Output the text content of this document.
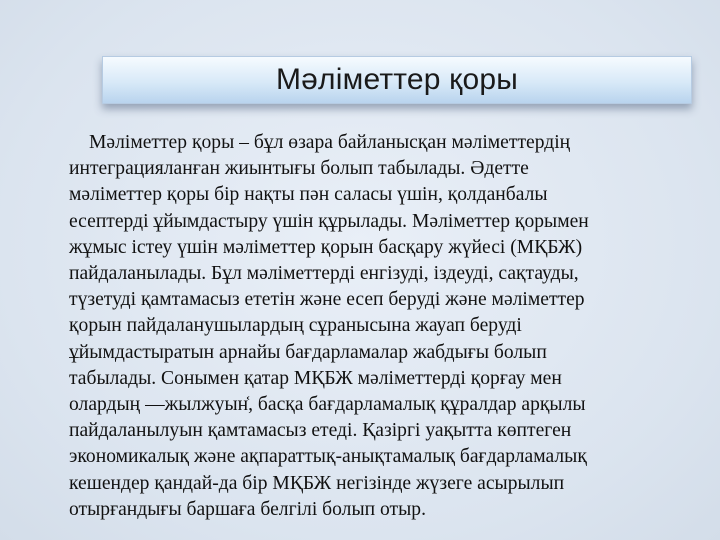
Мәліметтер қоры

Мәліметтер қоры – бұл өзара байланысқан мәліметтердің
интеграцияланған жиынтығы болып табылады. Әдетте
мәліметтер қоры бір нақты пән саласы үшін, қолданбалы
есептерді ұйымдастыру үшін құрылады. Мәліметтер қорымен
жұмыс істеу үшін мәліметтер қорын басқару жүйесі (МҚБЖ)
пайдаланылады. Бұл мәліметтерді енгізуді, іздеуді, сақтауды,
түзетуді қамтамасыз ететін және есеп беруді және мәліметтер
қорын пайдаланушылардың сұранысына жауап беруді
ұйымдастыратын арнайы бағдарламалар жабдығы болып
табылады. Сонымен қатар МҚБЖ мәліметтерді қорғау мен
олардың —жылжуын᷾, басқа бағдарламалық құралдар арқылы
пайдаланылуын қамтамасыз етеді. Қазіргі уақытта көптеген
экономикалық және ақпараттық-анықтамалық бағдарламалық
кешендер қандай-да бір МҚБЖ негізінде жүзеге асырылып
отырғандығы баршаға белгілі болып отыр.
